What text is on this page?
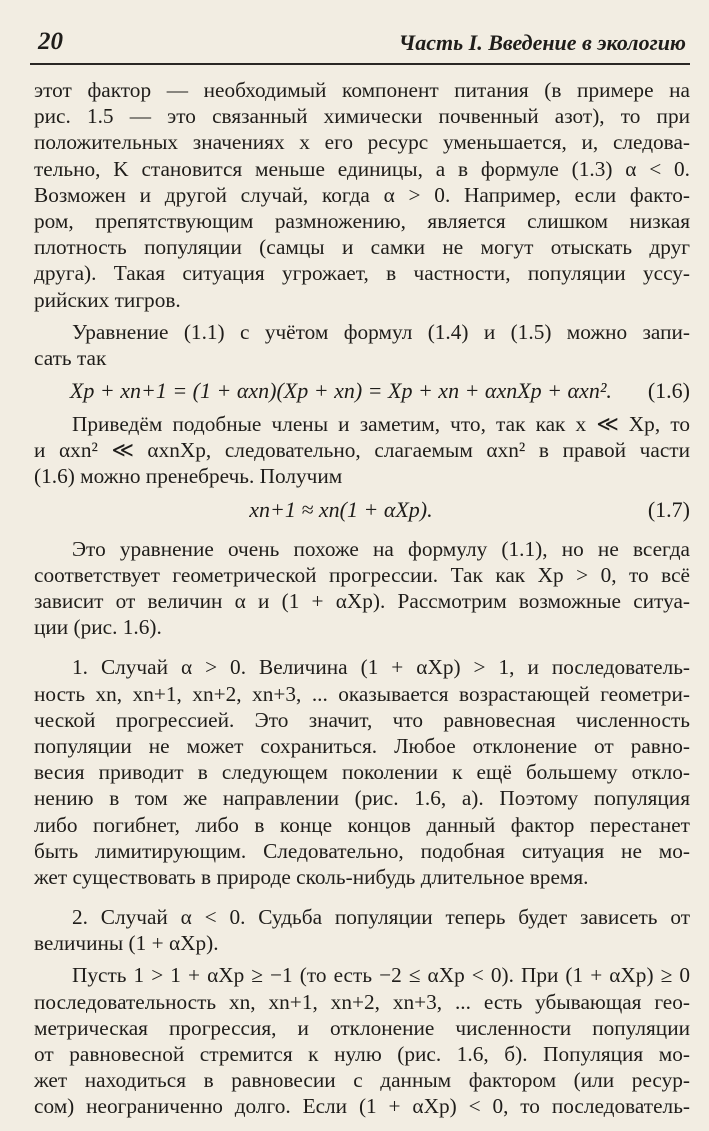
20	Часть I. Введение в экологию
этот фактор — необходимый компонент питания (в примере на
рис. 1.5 — это связанный химически почвенный азот), то при
положительных значениях x его ресурс уменьшается, и, следова-
тельно, K становится меньше единицы, а в формуле (1.3) α < 0.
Возможен и другой случай, когда α > 0. Например, если факто-
ром, препятствующим размножению, является слишком низкая
плотность популяции (самцы и самки не могут отыскать друг
друга). Такая ситуация угрожает, в частности, популяции уссу-
рийских тигров.
Уравнение (1.1) с учётом формул (1.4) и (1.5) можно запи-
сать так
Xр + xn+1 = (1 + αxn)(Xр + xn) = Xр + xn + αxnXр + αxn².	(1.6)
Приведём подобные члены и заметим, что, так как x ≪ Xр, то
и αxn² ≪ αxnXр, следовательно, слагаемым αxn² в правой части
(1.6) можно пренебречь. Получим
xn+1 ≈ xn(1 + αXр).	(1.7)
Это уравнение очень похоже на формулу (1.1), но не всегда
соответствует геометрической прогрессии. Так как Xр > 0, то всё
зависит от величин α и (1 + αXр). Рассмотрим возможные ситуа-
ции (рис. 1.6).
1. Случай α > 0. Величина (1 + αXр) > 1, и последователь-
ность xn, xn+1, xn+2, xn+3, ... оказывается возрастающей геометри-
ческой прогрессией. Это значит, что равновесная численность
популяции не может сохраниться. Любое отклонение от равно-
весия приводит в следующем поколении к ещё большему откло-
нению в том же направлении (рис. 1.6, а). Поэтому популяция
либо погибнет, либо в конце концов данный фактор перестанет
быть лимитирующим. Следовательно, подобная ситуация не мо-
жет существовать в природе сколь-нибудь длительное время.
2. Случай α < 0. Судьба популяции теперь будет зависеть от
величины (1 + αXр).
Пусть 1 > 1 + αXр ≥ −1 (то есть −2 ≤ αXр < 0). При (1 + αXр) ≥ 0
последовательность xn, xn+1, xn+2, xn+3, ... есть убывающая гео-
метрическая прогрессия, и отклонение численности популяции
от равновесной стремится к нулю (рис. 1.6, б). Популяция мо-
жет находиться в равновесии с данным фактором (или ресур-
сом) неограниченно долго. Если (1 + αXр) < 0, то последователь-
